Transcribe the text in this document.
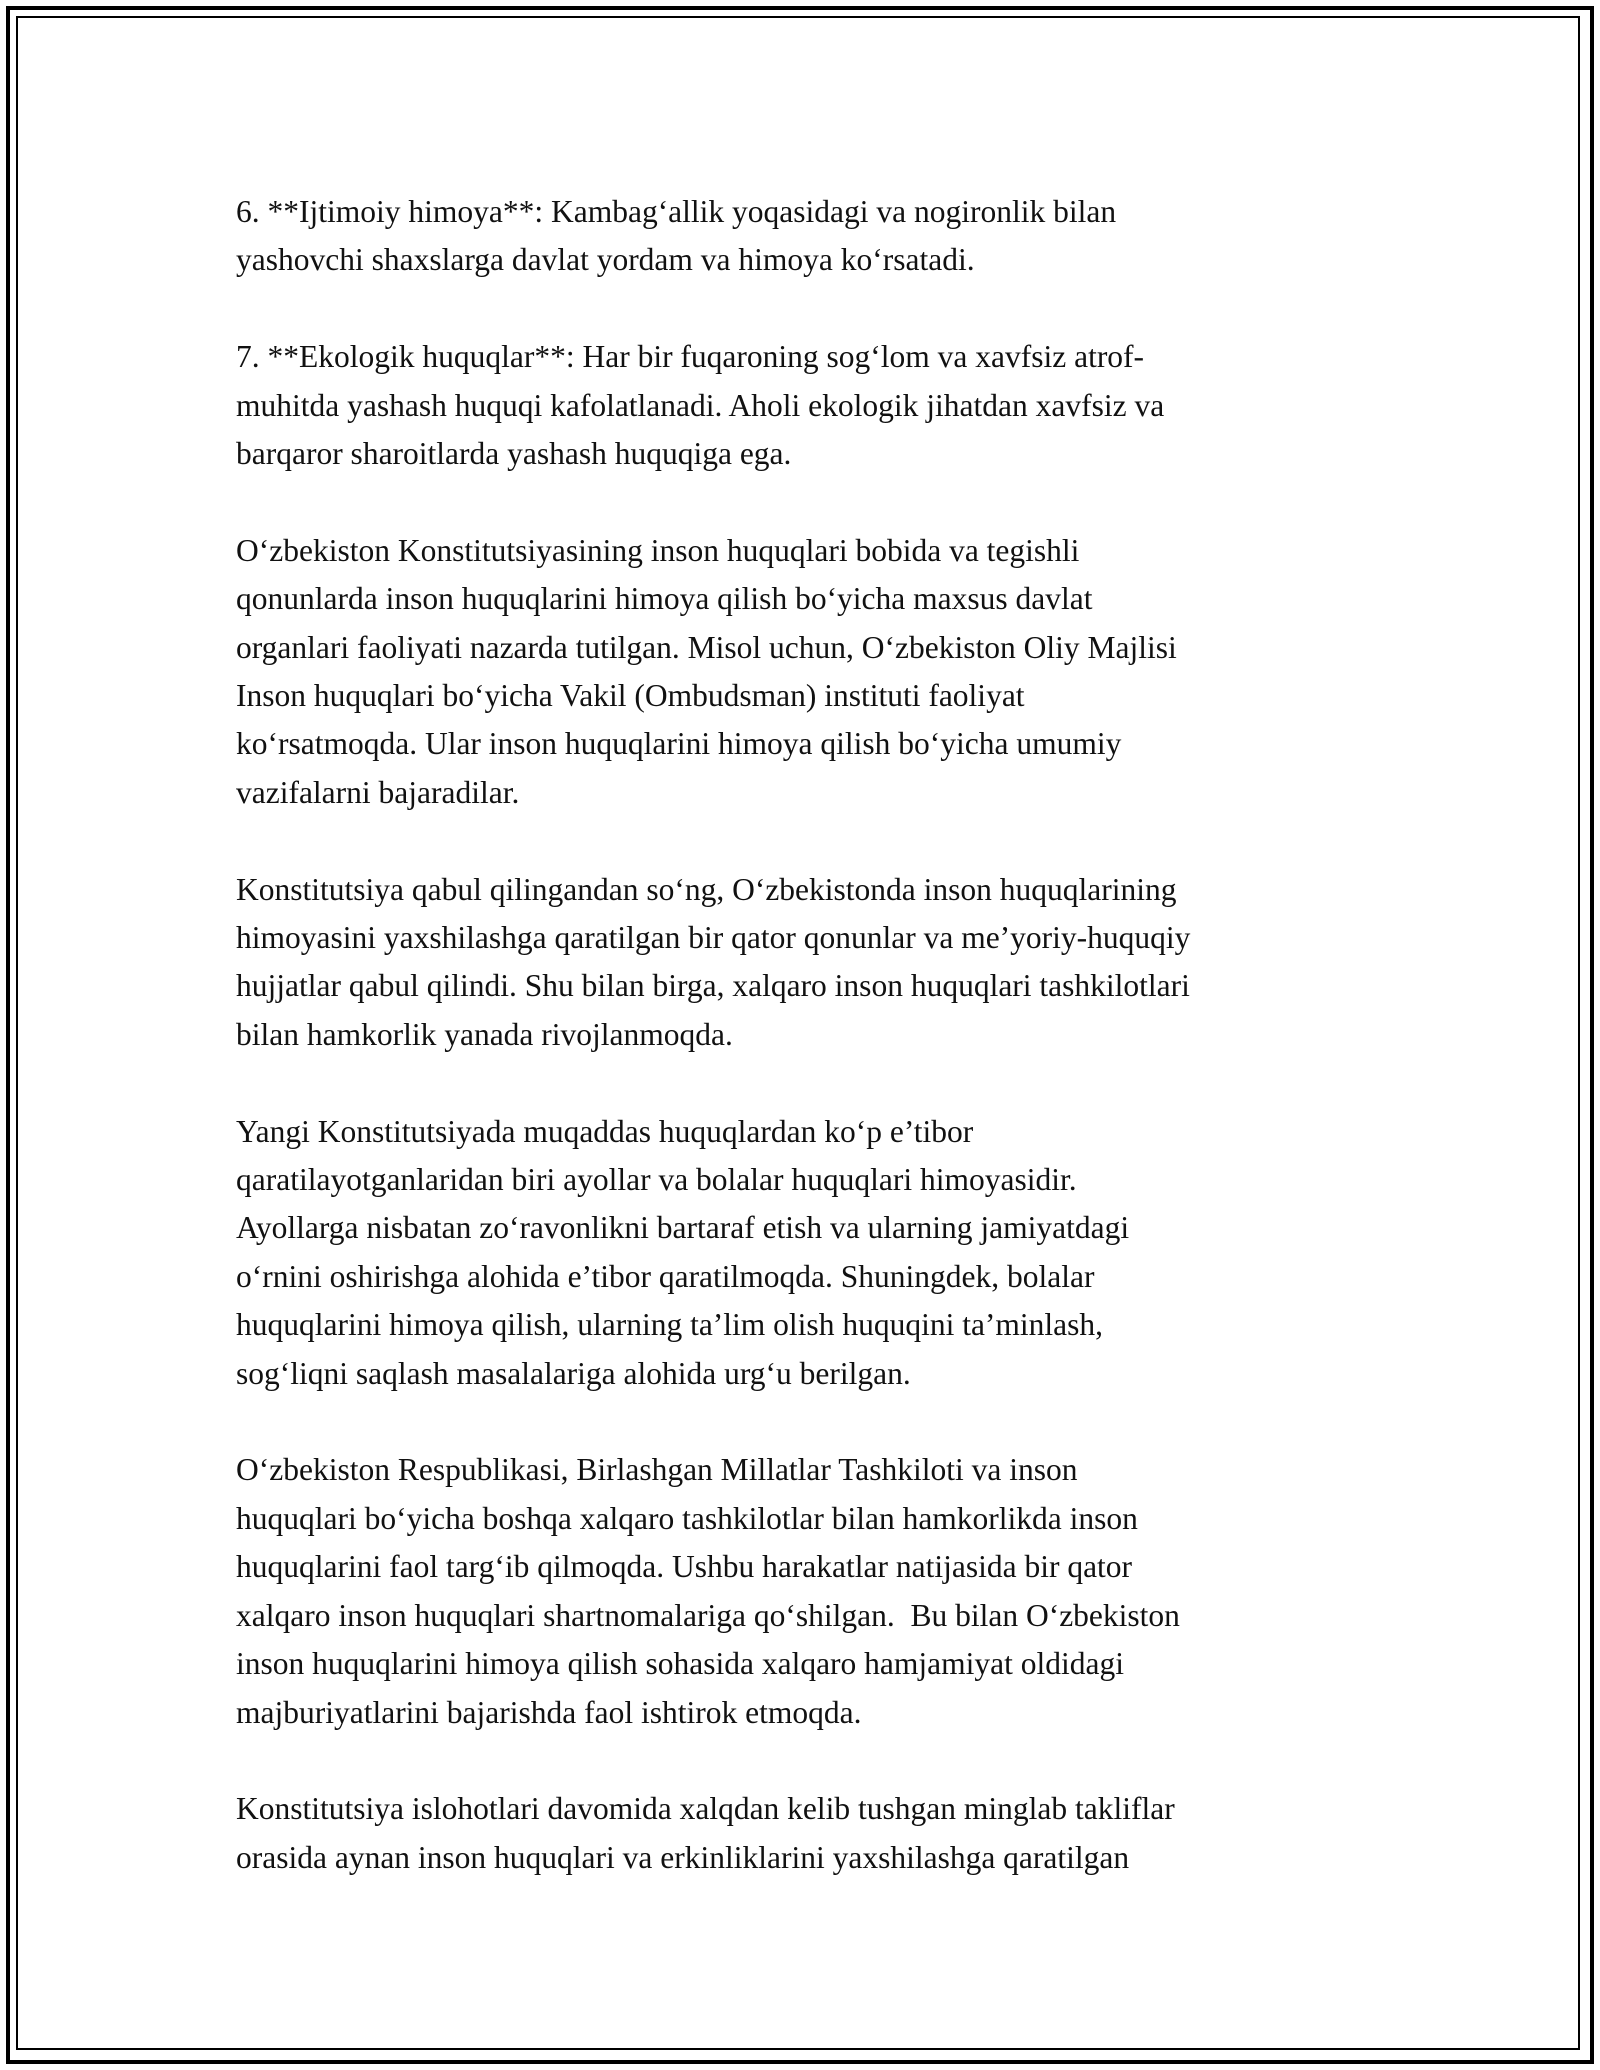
6. **Ijtimoiy himoya**: Kambag‘allik yoqasidagi va nogironlik bilan
yashovchi shaxslarga davlat yordam va himoya ko‘rsatadi.
7. **Ekologik huquqlar**: Har bir fuqaroning sog‘lom va xavfsiz atrof-
muhitda yashash huquqi kafolatlanadi. Aholi ekologik jihatdan xavfsiz va
barqaror sharoitlarda yashash huquqiga ega.
O‘zbekiston Konstitutsiyasining inson huquqlari bobida va tegishli
qonunlarda inson huquqlarini himoya qilish bo‘yicha maxsus davlat
organlari faoliyati nazarda tutilgan. Misol uchun, O‘zbekiston Oliy Majlisi
Inson huquqlari bo‘yicha Vakil (Ombudsman) instituti faoliyat
ko‘rsatmoqda. Ular inson huquqlarini himoya qilish bo‘yicha umumiy
vazifalarni bajaradilar.
Konstitutsiya qabul qilingandan so‘ng, O‘zbekistonda inson huquqlarining
himoyasini yaxshilashga qaratilgan bir qator qonunlar va me’yoriy-huquqiy
hujjatlar qabul qilindi. Shu bilan birga, xalqaro inson huquqlari tashkilotlari
bilan hamkorlik yanada rivojlanmoqda.
Yangi Konstitutsiyada muqaddas huquqlardan ko‘p e’tibor
qaratilayotganlaridan biri ayollar va bolalar huquqlari himoyasidir.
Ayollarga nisbatan zo‘ravonlikni bartaraf etish va ularning jamiyatdagi
o‘rnini oshirishga alohida e’tibor qaratilmoqda. Shuningdek, bolalar
huquqlarini himoya qilish, ularning ta’lim olish huquqini ta’minlash,
sog‘liqni saqlash masalalariga alohida urg‘u berilgan.
O‘zbekiston Respublikasi, Birlashgan Millatlar Tashkiloti va inson
huquqlari bo‘yicha boshqa xalqaro tashkilotlar bilan hamkorlikda inson
huquqlarini faol targ‘ib qilmoqda. Ushbu harakatlar natijasida bir qator
xalqaro inson huquqlari shartnomalariga qo‘shilgan.  Bu bilan O‘zbekiston
inson huquqlarini himoya qilish sohasida xalqaro hamjamiyat oldidagi
majburiyatlarini bajarishda faol ishtirok etmoqda.
Konstitutsiya islohotlari davomida xalqdan kelib tushgan minglab takliflar
orasida aynan inson huquqlari va erkinliklarini yaxshilashga qaratilgan
